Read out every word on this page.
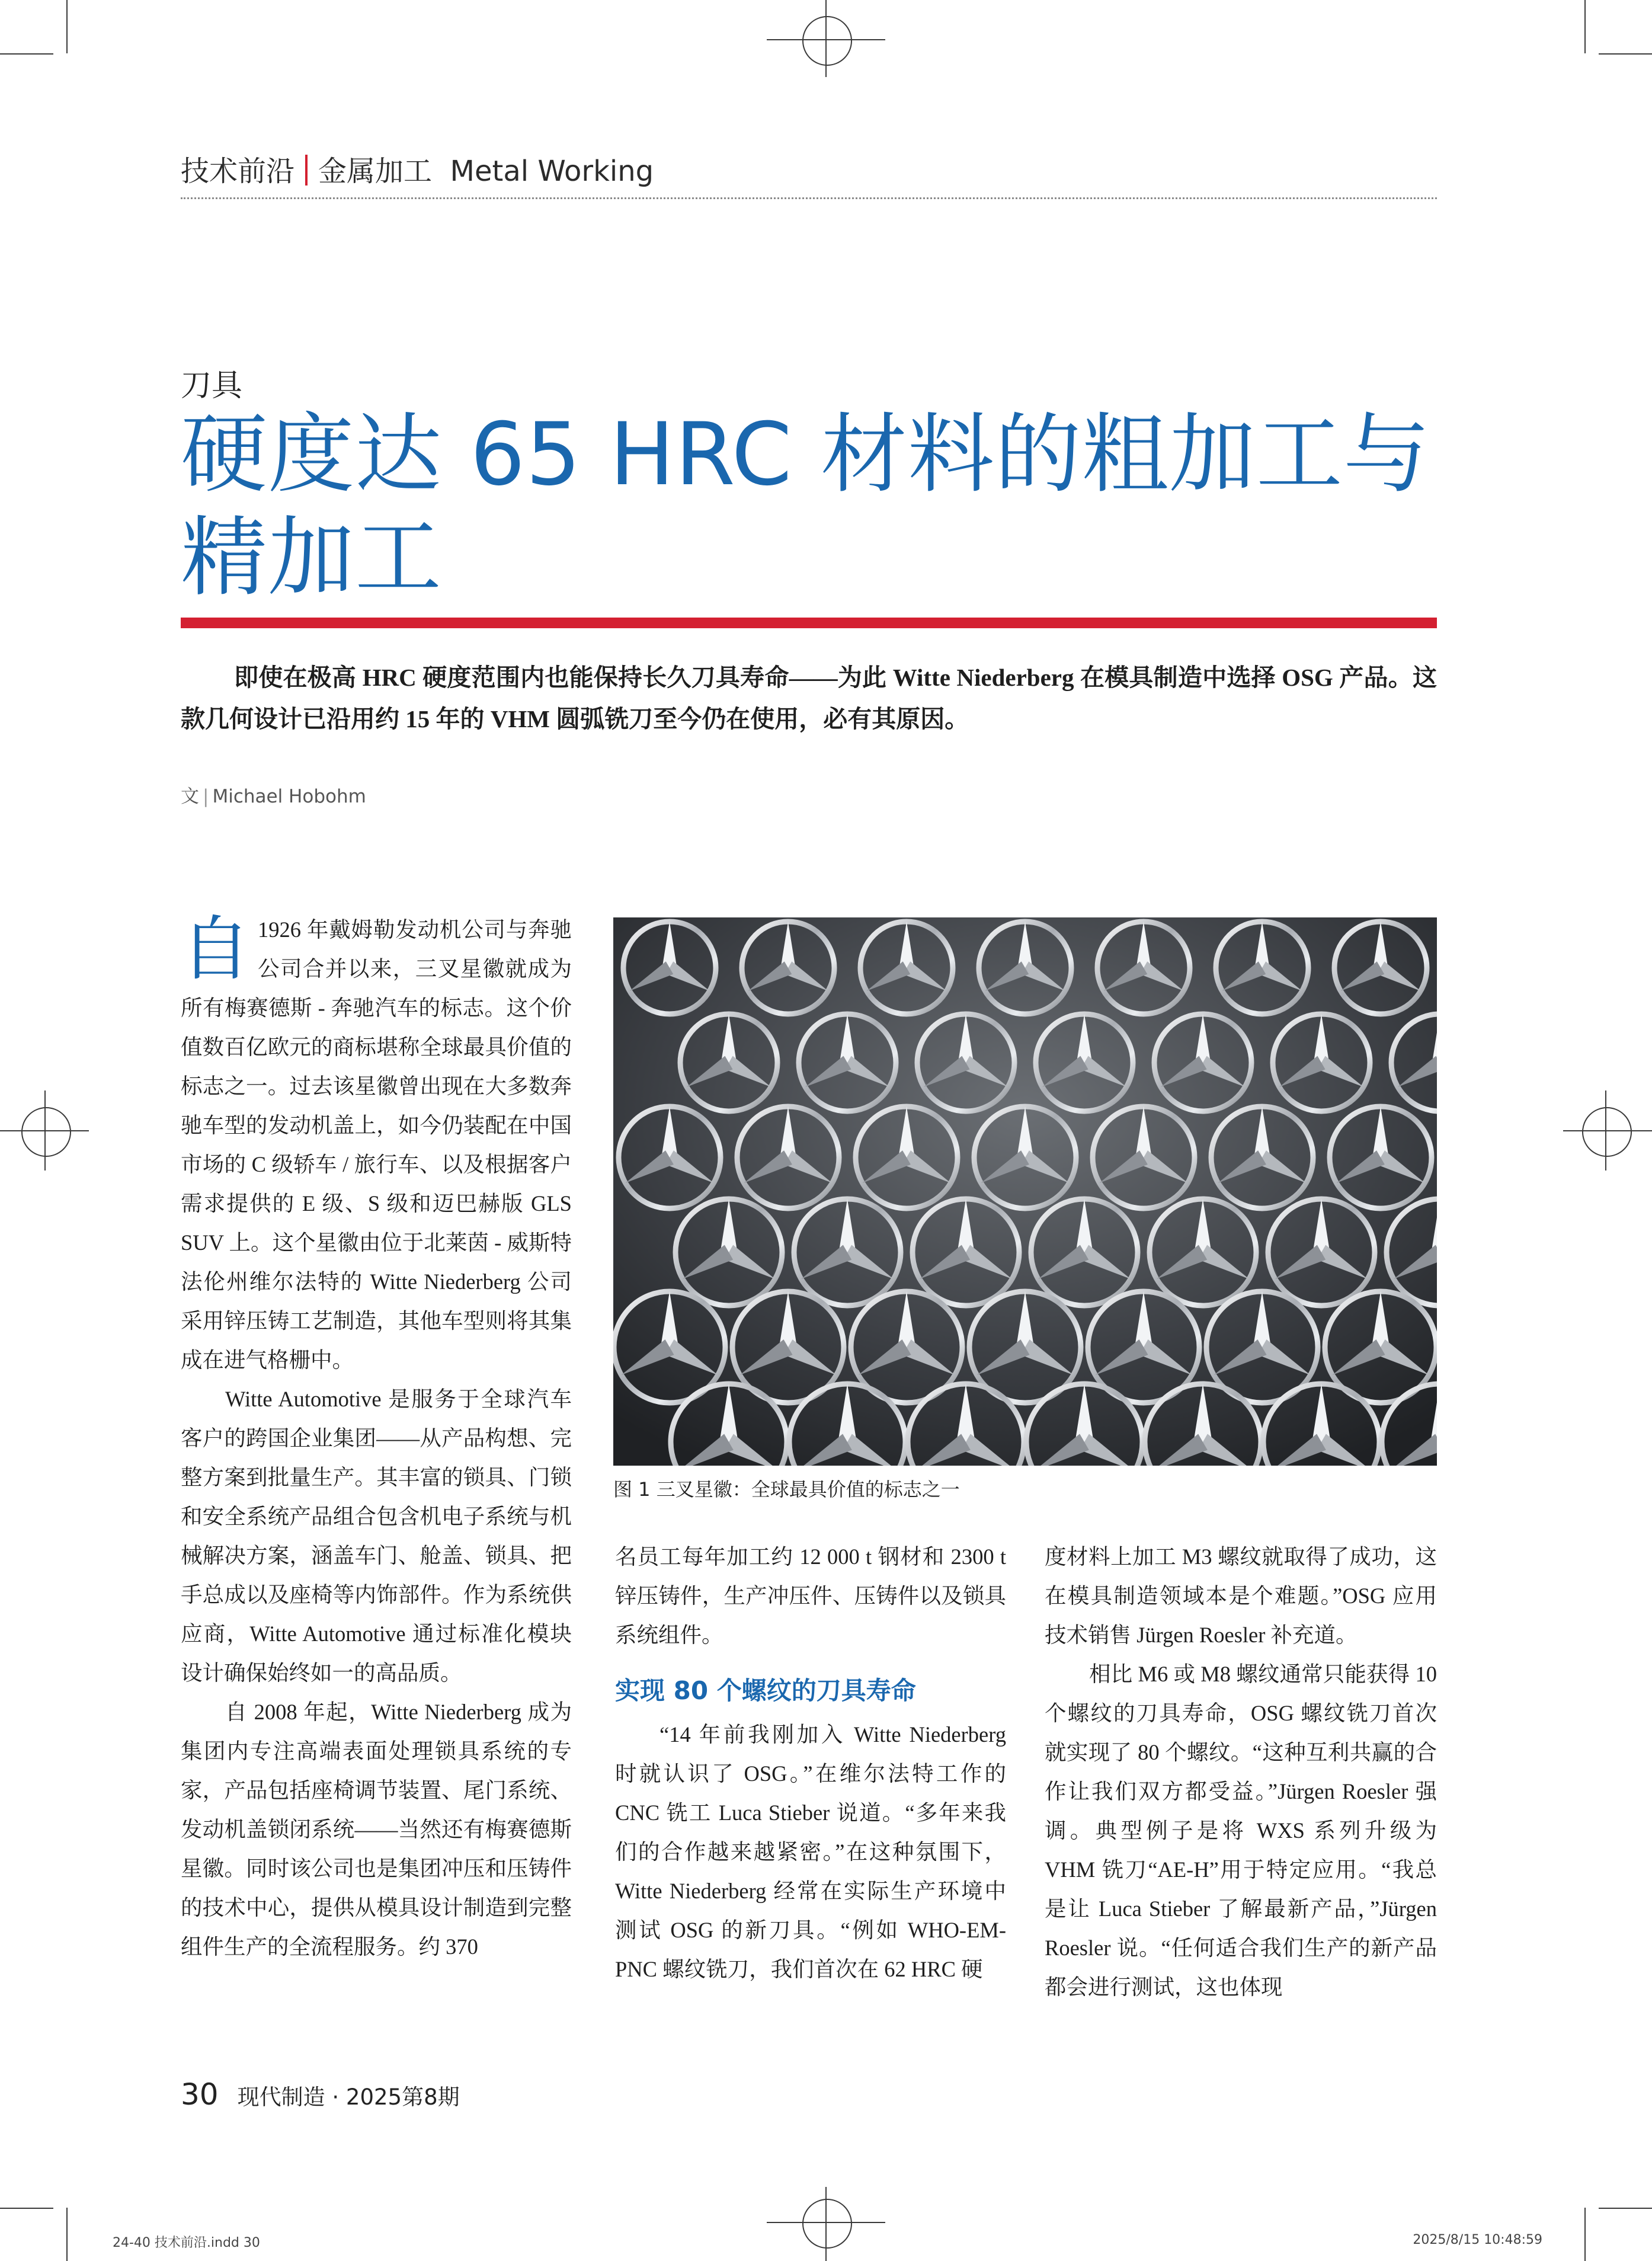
技术前沿 金属加工 Metal Working
刀具
硬度达 65 HRC 材料的粗加工与精加工
即使在极高 HRC 硬度范围内也能保持长久刀具寿命——为此 Witte Niederberg 在模具制造中选择 OSG 产品。这款几何设计已沿用约 15 年的 VHM 圆弧铣刀至今仍在使用，必有其原因。
文 | Michael Hobohm

自 1926 年戴姆勒发动机公司与奔驰公司合并以来，三叉星徽就成为所有梅赛德斯 - 奔驰汽车的标志。这个价值数百亿欧元的商标堪称全球最具价值的标志之一。过去该星徽曾出现在大多数奔驰车型的发动机盖上，如今仍装配在中国市场的 C 级轿车 / 旅行车、以及根据客户需求提供的 E 级、S 级和迈巴赫版 GLS SUV 上。这个星徽由位于北莱茵 - 威斯特法伦州维尔法特的 Witte Niederberg 公司采用锌压铸工艺制造，其他车型则将其集成在进气格栅中。

Witte Automotive 是服务于全球汽车客户的跨国企业集团——从产品构想、完整方案到批量生产。其丰富的锁具、门锁和安全系统产品组合包含机电子系统与机械解决方案，涵盖车门、舱盖、锁具、把手总成以及座椅等内饰部件。作为系统供应商，Witte Automotive 通过标准化模块设计确保始终如一的高品质。

自 2008 年起，Witte Niederberg 成为集团内专注高端表面处理锁具系统的专家，产品包括座椅调节装置、尾门系统、发动机盖锁闭系统——当然还有梅赛德斯星徽。同时该公司也是集团冲压和压铸件的技术中心，提供从模具设计制造到完整组件生产的全流程服务。约 370

图 1 三叉星徽：全球最具价值的标志之一

名员工每年加工约 12 000 t 钢材和 2300 t 锌压铸件，生产冲压件、压铸件以及锁具系统组件。

实现 80 个螺纹的刀具寿命

“14 年前我刚加入 Witte Niederberg 时就认识了 OSG。”在维尔法特工作的 CNC 铣工 Luca Stieber 说道。“多年来我们的合作越来越紧密。”在这种氛围下，Witte Niederberg 经常在实际生产环境中测试 OSG 的新刀具。“例如 WHO-EM-PNC 螺纹铣刀，我们首次在 62 HRC 硬

度材料上加工 M3 螺纹就取得了成功，这在模具制造领域本是个难题。”OSG 应用技术销售 Jürgen Roesler 补充道。

相比 M6 或 M8 螺纹通常只能获得 10 个螺纹的刀具寿命，OSG 螺纹铣刀首次就实现了 80 个螺纹。“这种互利共赢的合作让我们双方都受益。”Jürgen Roesler 强调。典型例子是将 WXS 系列升级为 VHM 铣刀“AE-H”用于特定应用。“我总是让 Luca Stieber 了解最新产品，”Jürgen Roesler 说。“任何适合我们生产的新产品都会进行测试，这也体现

30 现代制造 · 2025第8期
24-40 技术前沿.indd 30	2025/8/15 10:48:59
